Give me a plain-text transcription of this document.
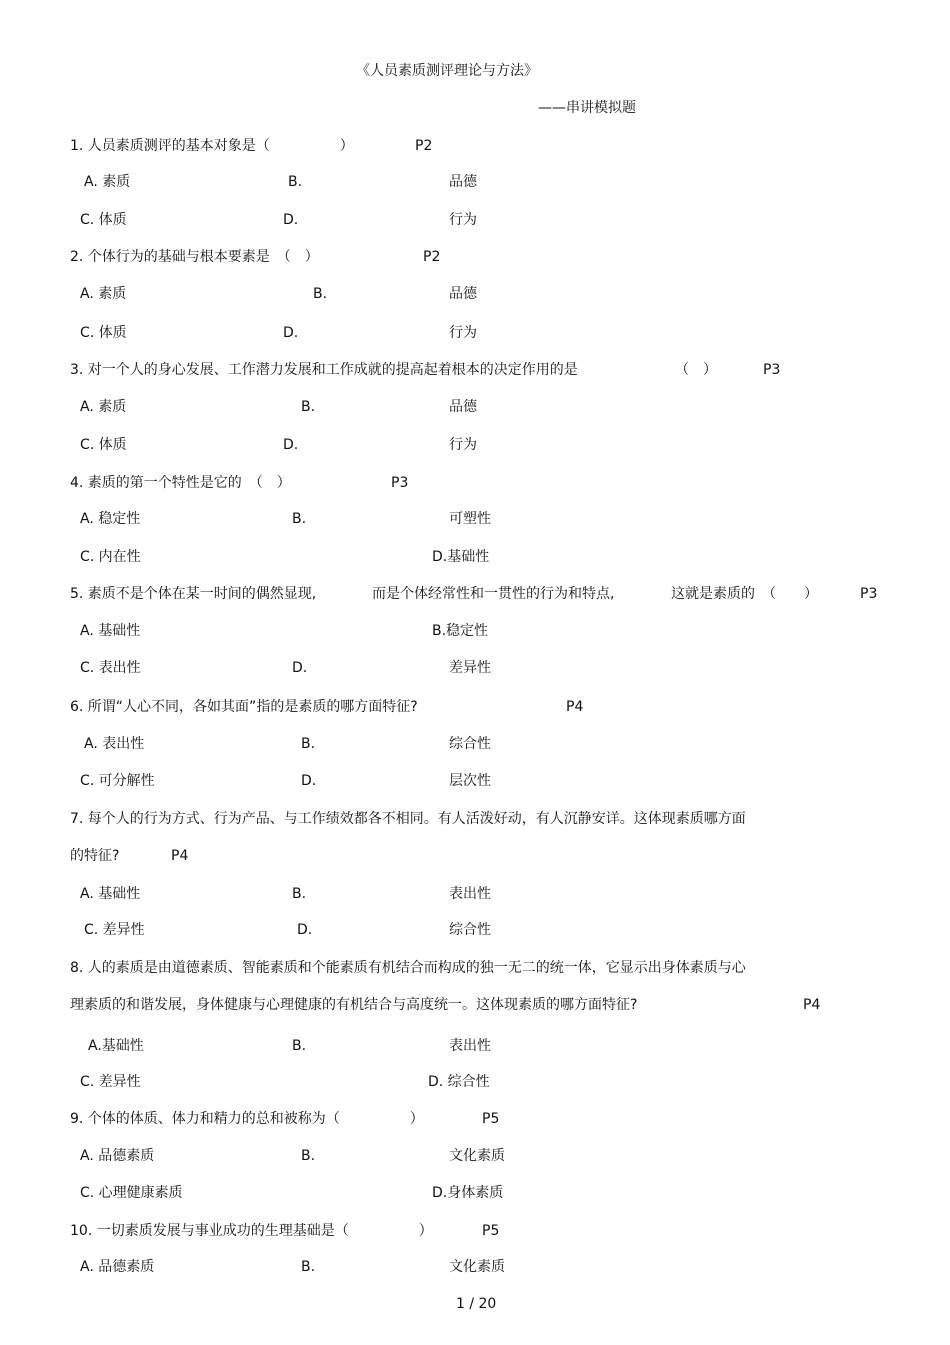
《人员素质测评理论与方法》
——串讲模拟题
1. 人员素质测评的基本对象是（　　　　　）	P2
A. 素质	B.	品德
C. 体质	D.	行为
2. 个体行为的基础与根本要素是　（　）	P2
A. 素质	B.	品德
C. 体质	D.	行为
3. 对一个人的身心发展、工作潜力发展和工作成就的提高起着根本的决定作用的是	（　）	P3
A. 素质	B.	品德
C. 体质	D.	行为
4. 素质的第一个特性是它的　（　）	P3
A. 稳定性	B.	可塑性
C. 内在性	D.基础性
5. 素质不是个体在某一时间的偶然显现,	而是个体经常性和一贯性的行为和特点,	这就是素质的　（　　）	P3
A. 基础性	B.稳定性
C. 表出性	D.	差异性
6. 所谓“人心不同，各如其面”指的是素质的哪方面特征?	P4
A. 表出性	B.	综合性
C. 可分解性	D.	层次性
7. 每个人的行为方式、行为产品、与工作绩效都各不相同。有人活泼好动，有人沉静安详。这体现素质哪方面
的特征?	P4
A. 基础性	B.	表出性
C. 差异性	D.	综合性
8. 人的素质是由道德素质、智能素质和个能素质有机结合而构成的独一无二的统一体，它显示出身体素质与心
理素质的和谐发展，身体健康与心理健康的有机结合与高度统一。这体现素质的哪方面特征?	P4
A.基础性	B.	表出性
C. 差异性	D. 综合性
9. 个体的体质、体力和精力的总和被称为（　　　　　）	P5
A. 品德素质	B.	文化素质
C. 心理健康素质	D.身体素质
10. 一切素质发展与事业成功的生理基础是（　　　　　）	P5
A. 品德素质	B.	文化素质
1 / 20
